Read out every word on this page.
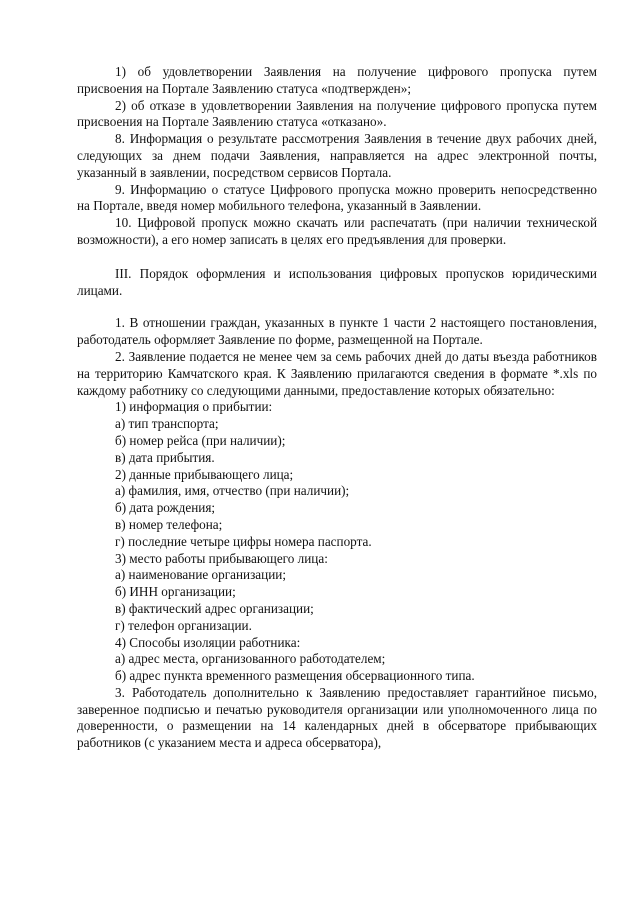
1) об удовлетворении Заявления на получение цифрового пропуска путем присвоения на Портале Заявлению статуса «подтвержден»;

2) об отказе в удовлетворении Заявления на получение цифрового пропуска путем присвоения на Портале Заявлению статуса «отказано».

8. Информация о результате рассмотрения Заявления в течение двух рабочих дней, следующих за днем подачи Заявления, направляется на адрес электронной почты, указанный в заявлении, посредством сервисов Портала.

9. Информацию о статусе Цифрового пропуска можно проверить непосредственно на Портале, введя номер мобильного телефона, указанный в Заявлении.

10. Цифровой пропуск можно скачать или распечатать (при наличии технической возможности), а его номер записать в целях его предъявления для проверки.

III. Порядок оформления и использования цифровых пропусков юридическими лицами.

1. В отношении граждан, указанных в пункте 1 части 2 настоящего постановления, работодатель оформляет Заявление по форме, размещенной на Портале.

2. Заявление подается не менее чем за семь рабочих дней до даты въезда работников на территорию Камчатского края. К Заявлению прилагаются сведения в формате *.xls по каждому работнику со следующими данными, предоставление которых обязательно:

1) информация о прибытии:

а) тип транспорта;

б) номер рейса (при наличии);

в) дата прибытия.

2) данные прибывающего лица;

а) фамилия, имя, отчество (при наличии);

б) дата рождения;

в) номер телефона;

г) последние четыре цифры номера паспорта.

3) место работы прибывающего лица:

а) наименование организации;

б) ИНН организации;

в) фактический адрес организации;

г) телефон организации.

4) Способы изоляции работника:

а) адрес места, организованного работодателем;

б) адрес пункта временного размещения обсервационного типа.

3. Работодатель дополнительно к Заявлению предоставляет гарантийное письмо, заверенное подписью и печатью руководителя организации или уполномоченного лица по доверенности, о размещении на 14 календарных дней в обсерваторе прибывающих работников (с указанием места и адреса обсерватора),
